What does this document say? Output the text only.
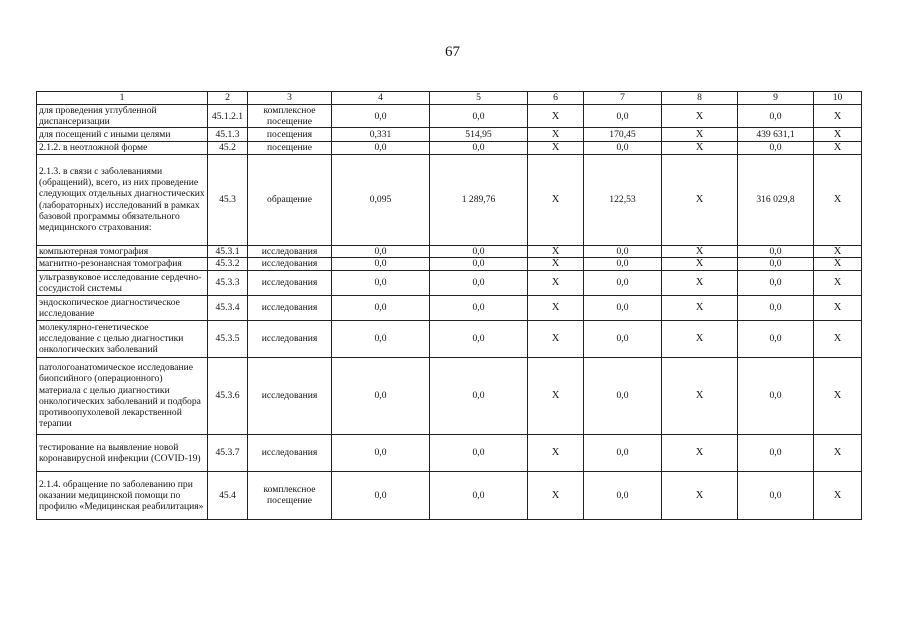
67
1	2	3	4	5	6	7	8	9	10
для проведения углубленной диспансеризации	45.1.2.1	комплексное посещение	0,0	0,0	X	0,0	X	0,0	X
для посещений с иными целями	45.1.3	посещения	0,331	514,95	X	170,45	X	439 631,1	X
2.1.2. в неотложной форме	45.2	посещение	0,0	0,0	X	0,0	X	0,0	X
2.1.3. в связи с заболеваниями (обращений), всего, из них проведение следующих отдельных диагностических (лабораторных) исследований в рамках базовой программы обязательного медицинского страхования:	45.3	обращение	0,095	1 289,76	X	122,53	X	316 029,8	X
компьютерная томография	45.3.1	исследования	0,0	0,0	X	0,0	X	0,0	X
магнитно-резонансная томография	45.3.2	исследования	0,0	0,0	X	0,0	X	0,0	X
ультразвуковое исследование сердечно-сосудистой системы	45.3.3	исследования	0,0	0,0	X	0,0	X	0,0	X
эндоскопическое диагностическое исследование	45.3.4	исследования	0,0	0,0	X	0,0	X	0,0	X
молекулярно-генетическое исследование с целью диагностики онкологических заболеваний	45.3.5	исследования	0,0	0,0	X	0,0	X	0,0	X
патологоанатомическое исследование биопсийного (операционного) материала с целью диагностики онкологических заболеваний и подбора противоопухолевой лекарственной терапии	45.3.6	исследования	0,0	0,0	X	0,0	X	0,0	X
тестирование на выявление новой коронавирусной инфекции (COVID-19)	45.3.7	исследования	0,0	0,0	X	0,0	X	0,0	X
2.1.4. обращение по заболеванию при оказании медицинской помощи по профилю «Медицинская реабилитация»	45.4	комплексное посещение	0,0	0,0	X	0,0	X	0,0	X
